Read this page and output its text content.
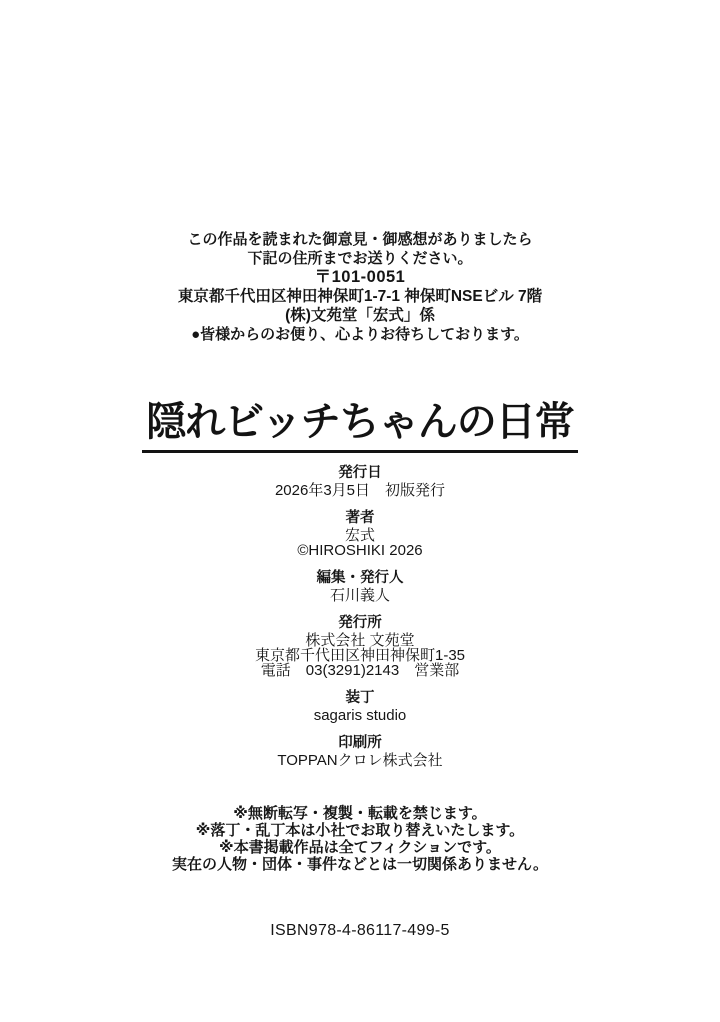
この作品を読まれた御意見・御感想がありましたら
下記の住所までお送りください。
〒101-0051
東京都千代田区神田神保町1-7-1 神保町NSEビル 7階
(株)文苑堂「宏式」係
●皆様からのお便り、心よりお待ちしております。
隠れビッチちゃんの日常
発行日
2026年3月5日　初版発行
著者
宏式
©HIROSHIKI 2026
編集・発行人
石川義人
発行所
株式会社 文苑堂
東京都千代田区神田神保町1-35
電話　03(3291)2143　営業部
装丁
sagaris studio
印刷所
TOPPANクロレ株式会社
※無断転写・複製・転載を禁じます。
※落丁・乱丁本は小社でお取り替えいたします。
※本書掲載作品は全てフィクションです。
実在の人物・団体・事件などとは一切関係ありません。
ISBN978-4-86117-499-5
